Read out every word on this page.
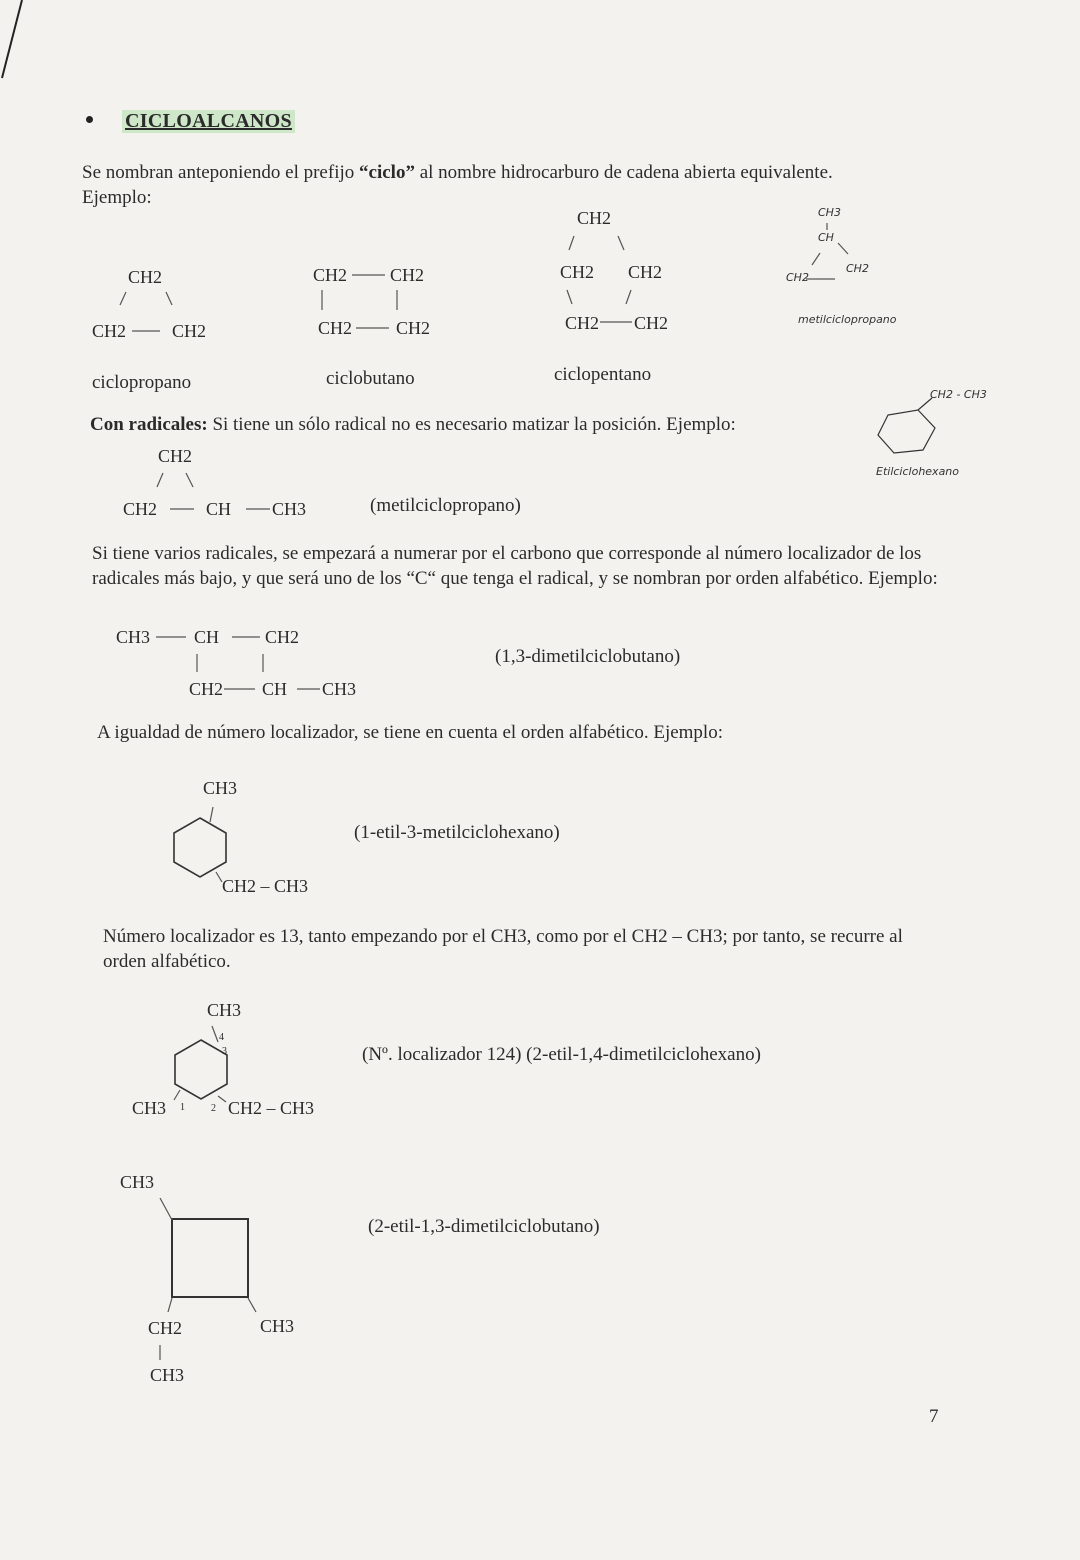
CICLOALCANOS
Se nombran anteponiendo el prefijo “ciclo” al nombre hidrocarburo de cadena abierta equivalente.
Ejemplo:
CH2
CH2	CH2
ciclopropano
CH2 CH2
CH2 CH2
ciclobutano
CH2
CH2 CH2
CH2 CH2
ciclopentano
CH3
CH
CH2
CH2
metilciclopropano
Con radicales: Si tiene un sólo radical no es necesario matizar la posición. Ejemplo:
CH2
CH2	CH CH3	(metilciclopropano)
CH2 - CH3
Etilciclohexano
Si tiene varios radicales, se empezará a numerar por el carbono que corresponde al número localizador de los radicales más bajo, y que será uno de los “C“ que tenga el radical, y se nombran por orden alfabético. Ejemplo:
CH3 CH	CH2
CH2 CH CH3
(1,3-dimetilciclobutano)
A igualdad de número localizador, se tiene en cuenta el orden alfabético. Ejemplo:
CH3
CH2 – CH3
(1-etil-3-metilciclohexano)
Número localizador es 13, tanto empezando por el CH3, como por el CH2 – CH3; por tanto, se recurre al orden alfabético.
CH3
4
3
CH3 1	2 CH2 – CH3
(Nº. localizador 124) (2-etil-1,4-dimetilciclohexano)
CH3
CH2	CH3
CH3
(2-etil-1,3-dimetilciclobutano)
7
